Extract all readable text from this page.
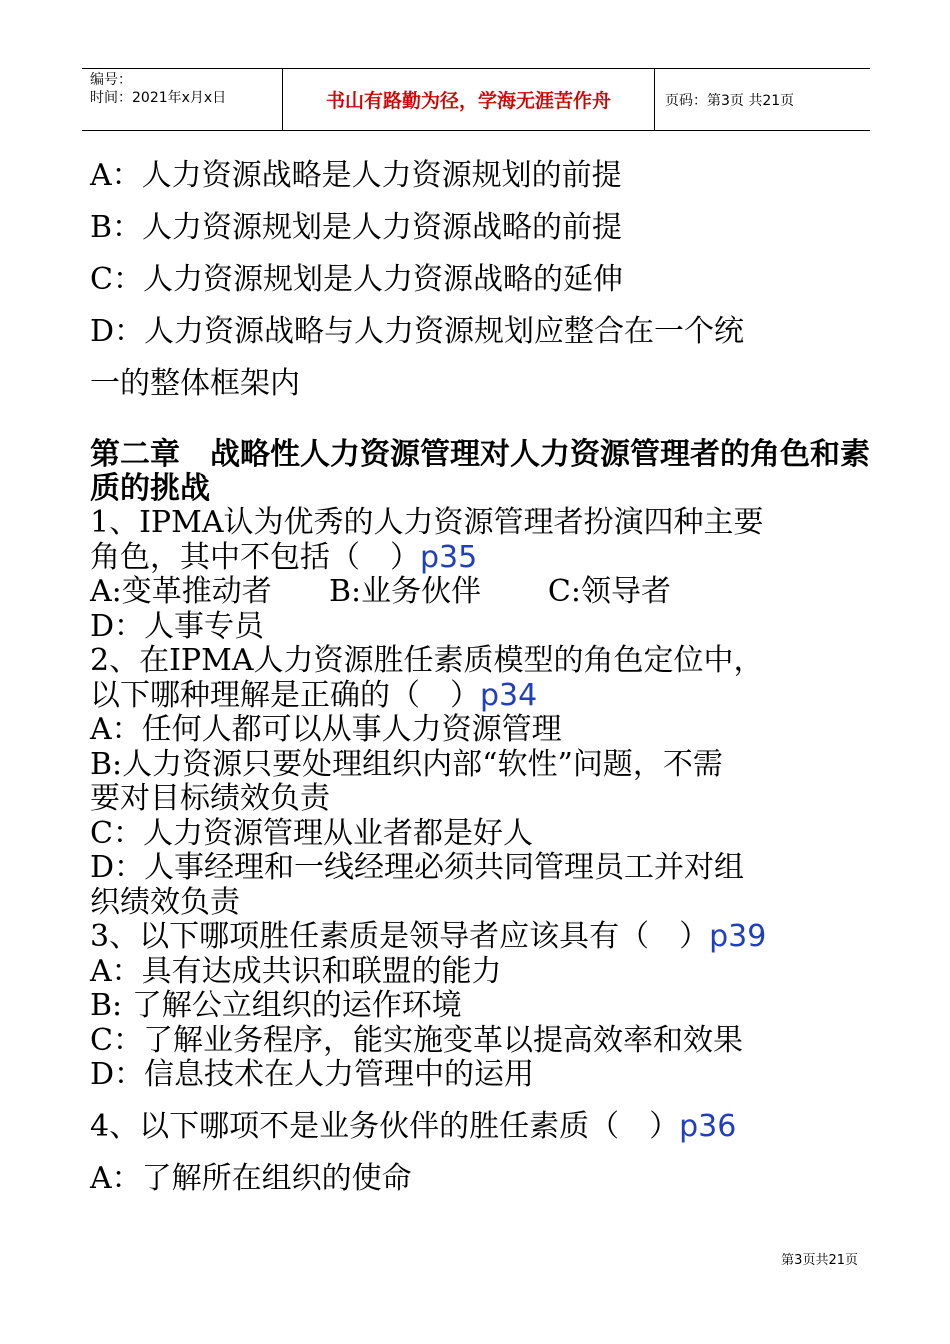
编号：
时间：2021年x月x日	书山有路勤为径，学海无涯苦作舟	页码：第3页 共21页

A：人力资源战略是人力资源规划的前提

B：人力资源规划是人力资源战略的前提

C：人力资源规划是人力资源战略的延伸

D：人力资源战略与人力资源规划应整合在一个统

一的整体框架内

第二章　战略性人力资源管理对人力资源管理者的角色和素质的挑战

1、IPMA认为优秀的人力资源管理者扮演四种主要

角色，其中不包括（　）p35

A:变革推动者      B:业务伙伴       C:领导者

D：人事专员

2、在IPMA人力资源胜任素质模型的角色定位中，

以下哪种理解是正确的（　）p34

A：任何人都可以从事人力资源管理

B:人力资源只要处理组织内部“软性”问题，不需

要对目标绩效负责

C：人力资源管理从业者都是好人

D：人事经理和一线经理必须共同管理员工并对组

织绩效负责

3、以下哪项胜任素质是领导者应该具有（　）p39

A：具有达成共识和联盟的能力

B: 了解公立组织的运作环境

C：了解业务程序，能实施变革以提高效率和效果

D：信息技术在人力管理中的运用

4、以下哪项不是业务伙伴的胜任素质（　）p36

A：了解所在组织的使命

第3页共21页
